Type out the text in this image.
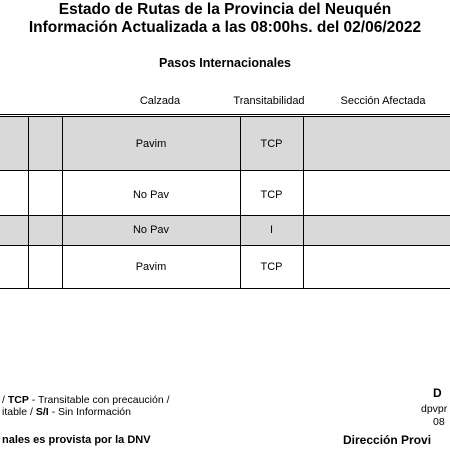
Estado de Rutas de la Provincia del Neuquén
Información Actualizada a las 08:00hs. del 02/06/2022
Pasos Internacionales
Calzada	Transitabilidad	Sección Afectada
Pavim	TCP
No Pav	TCP
No Pav	I
Pavim	TCP
/ TCP - Transitable con precaución /
itable / S/I - Sin Información
D
dpvpr
08
nales es provista por la DNV	Dirección Provi
